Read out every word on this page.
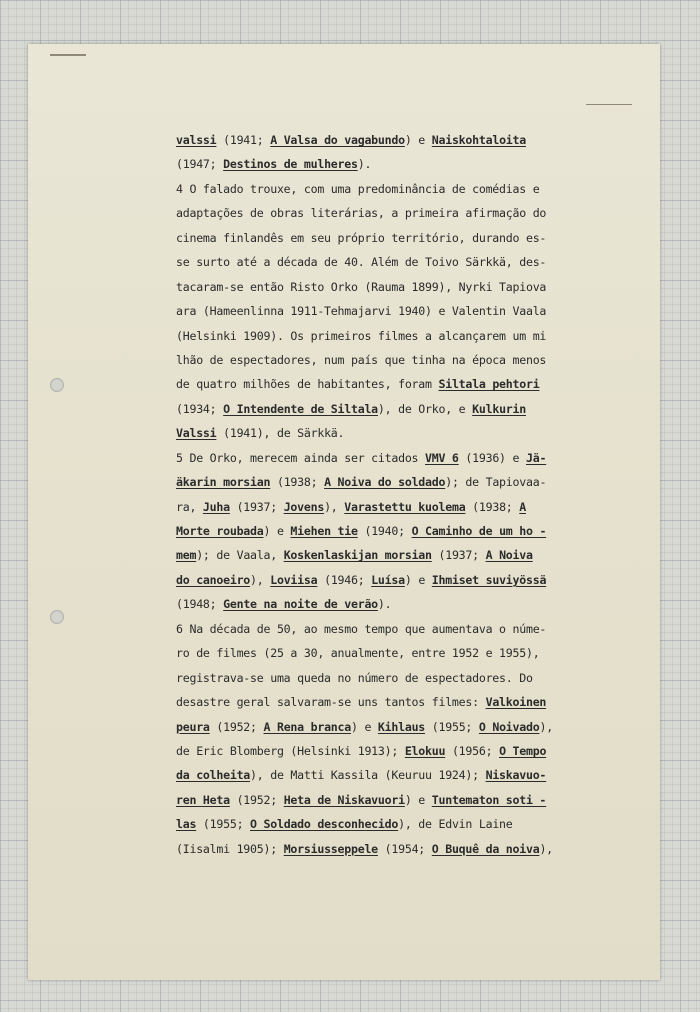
valssi (1941; A Valsa do vagabundo) e Naiskohtaloita
(1947; Destinos de mulheres).
4 O falado trouxe, com uma predominância de comédias e
adaptações de obras literárias, a primeira afirmação do
cinema finlandês em seu próprio território, durando es-
se surto até a década de 40. Além de Toivo Särkkä, des-
tacaram-se então Risto Orko (Rauma 1899), Nyrki Tapiova
ara (Hameenlinna 1911-Tehmajarvi 1940) e Valentin Vaala
(Helsinki 1909). Os primeiros filmes a alcançarem um mi
lhão de espectadores, num país que tinha na época menos
de quatro milhões de habitantes, foram Siltala pehtori
(1934; O Intendente de Siltala), de Orko, e Kulkurin
Valssi (1941), de Särkkä.
5 De Orko, merecem ainda ser citados VMV 6 (1936) e Jä-
äkarin morsian (1938; A Noiva do soldado); de Tapiovaa-
ra, Juha (1937; Jovens), Varastettu kuolema (1938; A
Morte roubada) e Miehen tie (1940; O Caminho de um ho -
mem); de Vaala, Koskenlaskijan morsian (1937; A Noiva
do canoeiro), Loviisa (1946; Luísa) e Ihmiset suviyössä
(1948; Gente na noite de verão).
6 Na década de 50, ao mesmo tempo que aumentava o núme-
ro de filmes (25 a 30, anualmente, entre 1952 e 1955),
registrava-se uma queda no número de espectadores. Do
desastre geral salvaram-se uns tantos filmes: Valkoinen
peura (1952; A Rena branca) e Kihlaus (1955; O Noivado),
de Eric Blomberg (Helsinki 1913); Elokuu (1956; O Tempo
da colheita), de Matti Kassila (Keuruu 1924); Niskavuo-
ren Heta (1952; Heta de Niskavuori) e Tuntematon soti -
las (1955; O Soldado desconhecido), de Edvin Laine
(Iisalmi 1905); Morsiusseppele (1954; O Buquê da noiva),
